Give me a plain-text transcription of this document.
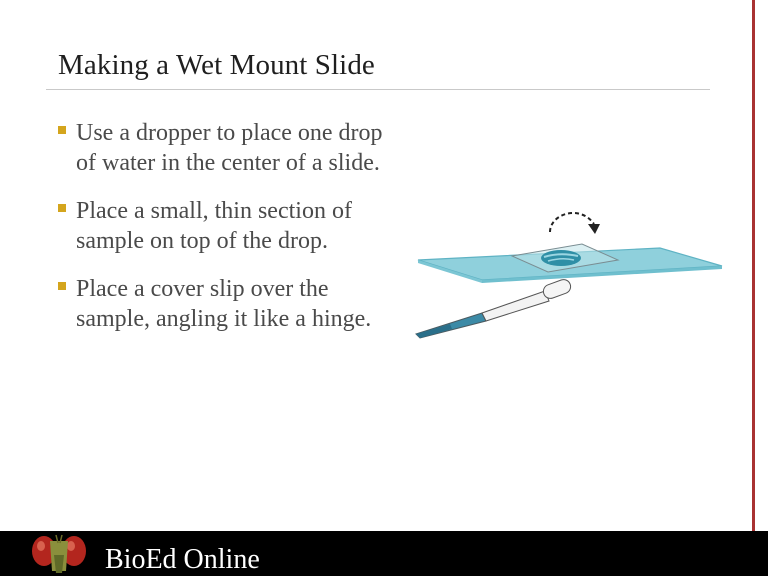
Making a Wet Mount Slide
Use a dropper to place one drop of water in the center of a slide.
Place a small, thin section of sample on top of the drop.
Place a cover slip over the sample, angling it like a hinge.
BioEd Online
